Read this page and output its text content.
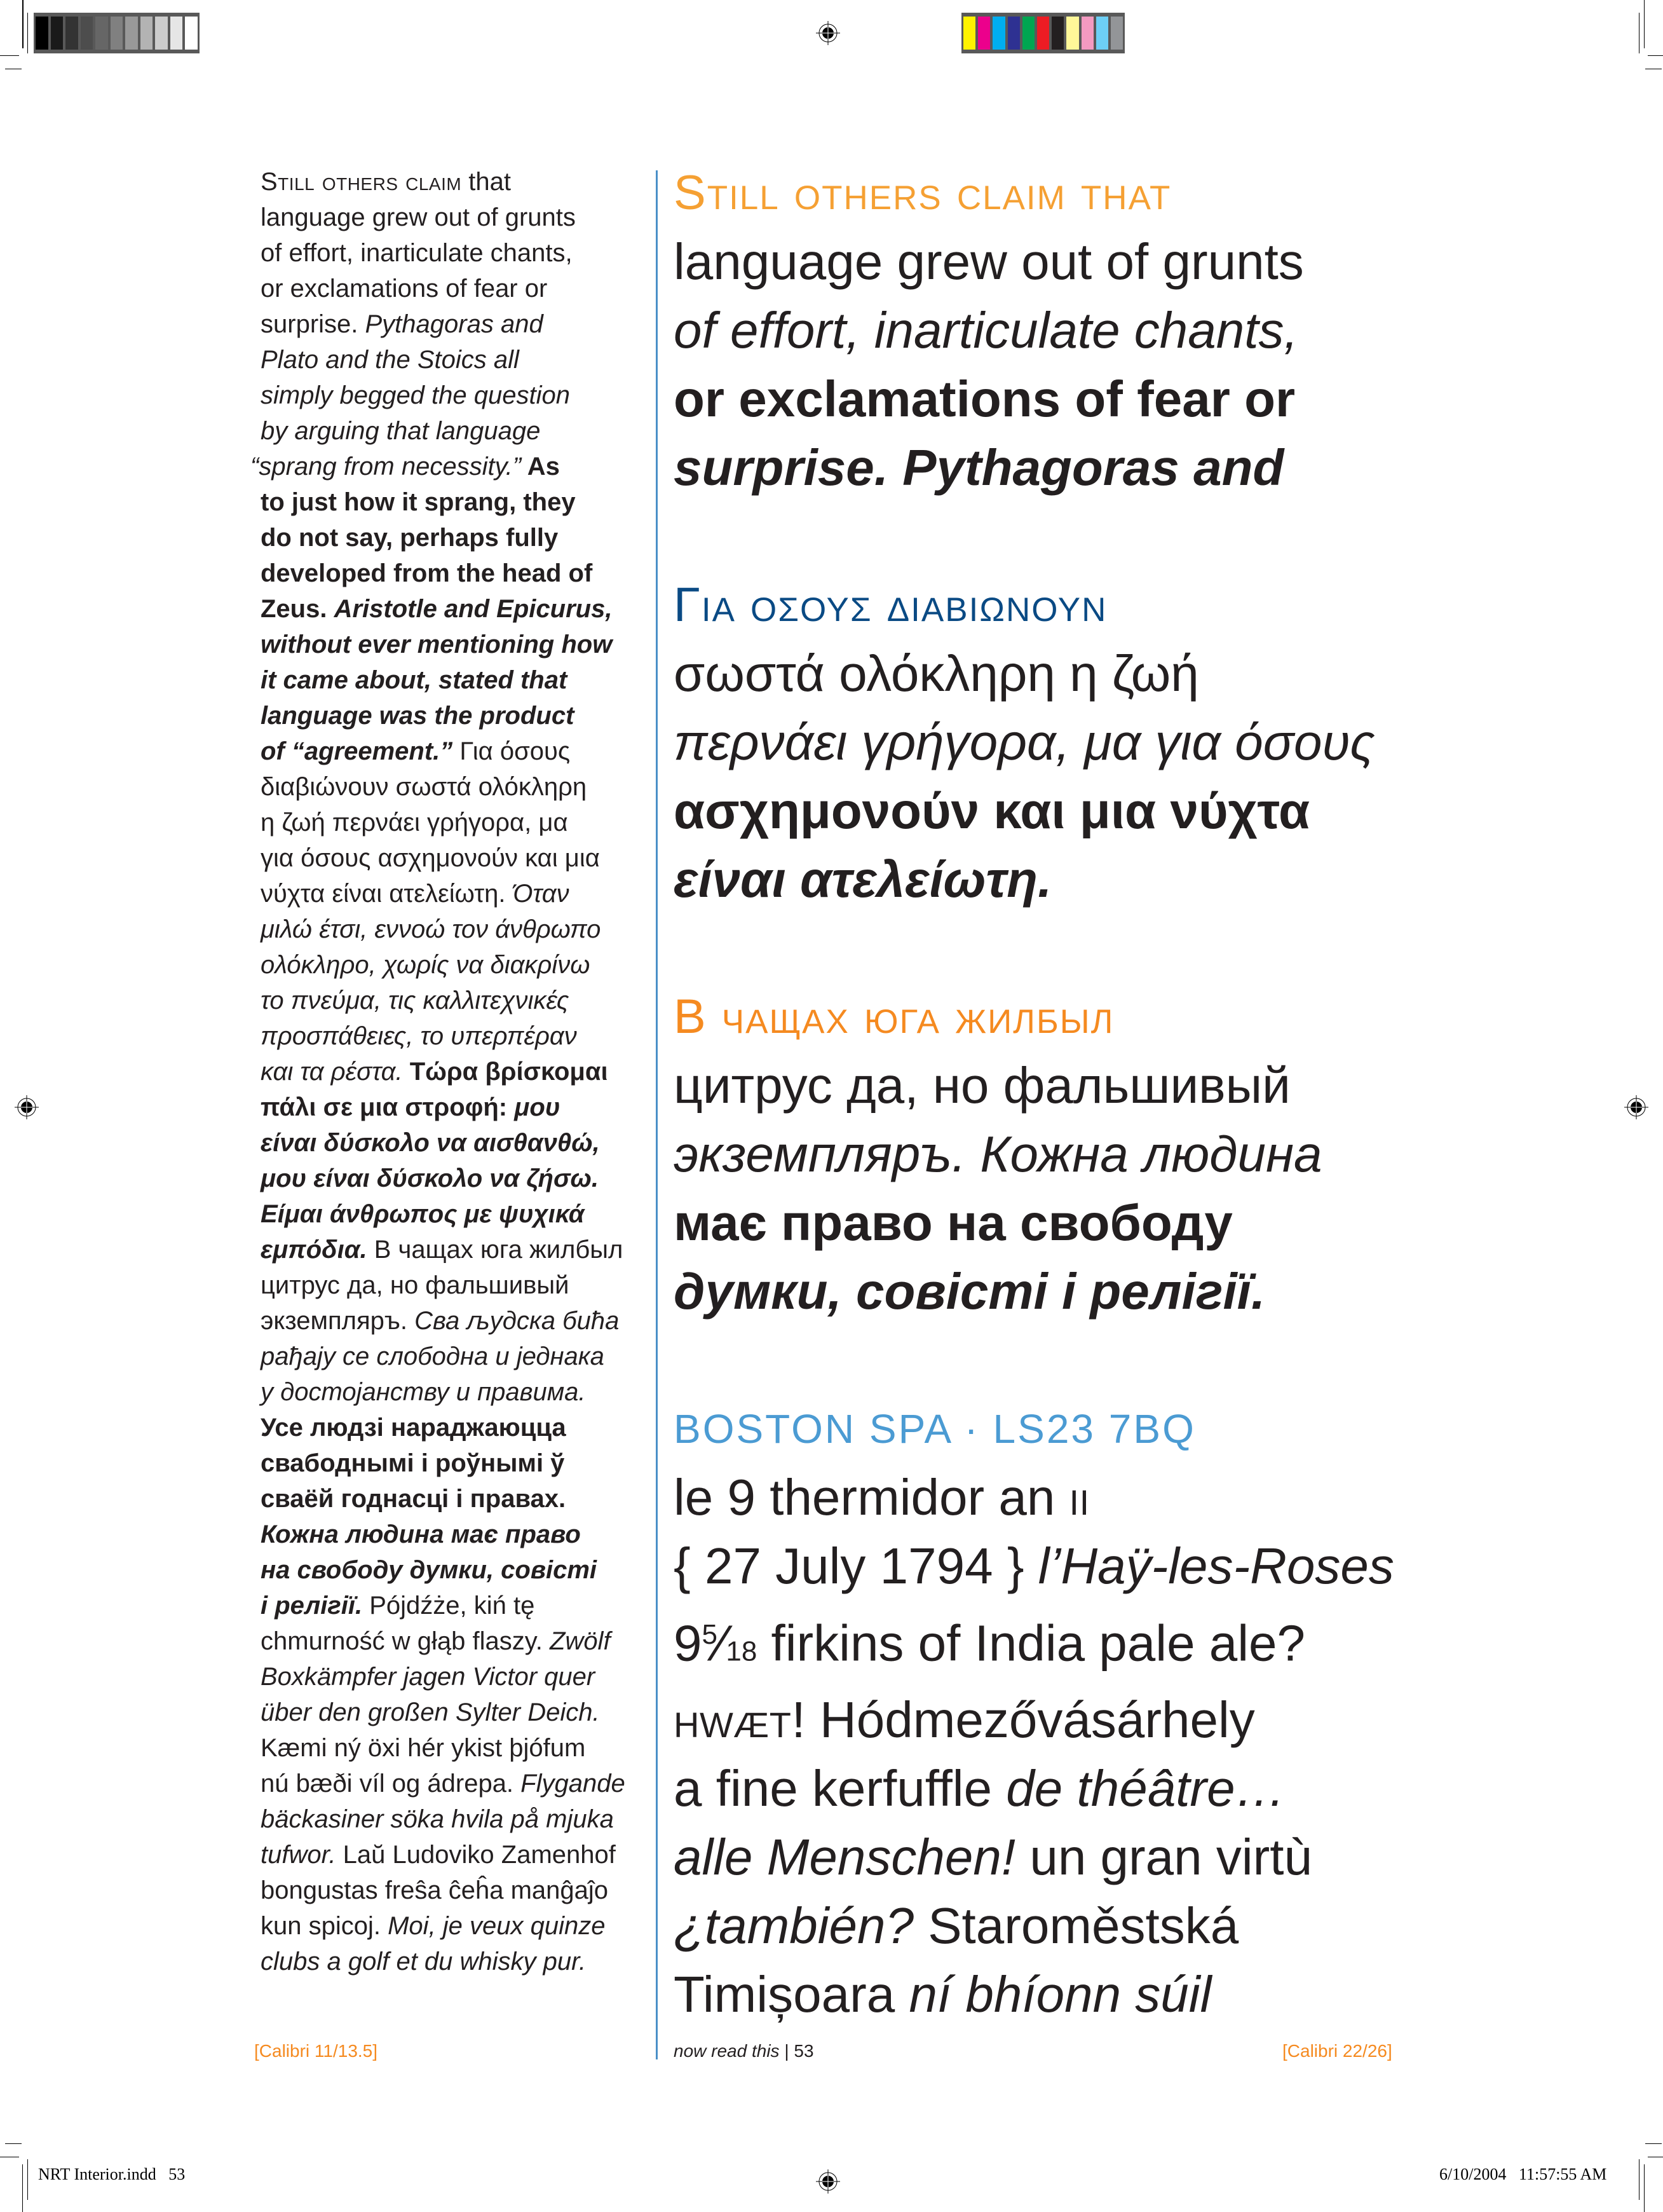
Still others claim that
language grew out of grunts
of effort, inarticulate chants,
or exclamations of fear or
surprise. Pythagoras and
Plato and the Stoics all
simply begged the question
by arguing that language
“sprang from necessity.” As
to just how it sprang, they
do not say, perhaps fully
developed from the head of
Zeus. Aristotle and Epicurus,
without ever mentioning how
it came about, stated that
language was the product
of “agreement.” Για όσους
διαβιώνουν σωστά ολόκληρη
η ζωή περνάει γρήγορα, μα
για όσους ασχημονούν και μια
νύχτα είναι ατελείωτη. Όταν
μιλώ έτσι, εννοώ τον άνθρωπο
ολόκληρο, χωρίς να διακρίνω
το πνεύμα, τις καλλιτεχνικές
προσπάθειες, το υπερπέραν
και τα ρέστα. Τώρα βρίσκομαι
πάλι σε μια στροφή: μου
είναι δύσκολο να αισθανθώ,
μου είναι δύσκολο να ζήσω.
Είμαι άνθρωπος με ψυχικά
εμπόδια. В чащах юга жилбыл
цитрус да, но фальшивый
экземпляръ. Сва људска бића
рађају се слободна и једнака
у достојанству и правима.
Усе людзі нараджаюцца
свабоднымі і роўнымі ў
сваёй годнасці і правах.
Кожна людина має право
на свободу думки, совісті
і релігії. Pójdźże, kiń tę
chmurność w głąb flaszy. Zwölf
Boxkämpfer jagen Victor quer
über den großen Sylter Deich.
Kæmi ný öxi hér ykist þjófum
nú bæði víl og ádrepa. Flygande
bäckasiner söka hvila på mjuka
tufwor. Laŭ Ludoviko Zamenhof
bongustas freŝa ĉeĥa manĝaĵo
kun spicoj. Moi, je veux quinze
clubs a golf et du whisky pur.
Still others claim that
language grew out of grunts
of effort, inarticulate chants,
or exclamations of fear or
surprise. Pythagoras and
Για οσους διαβιωνουν
σωστά ολόκληρη η ζωή
περνάει γρήγορα, μα για όσους
ασχημονούν και μια νύχτα
είναι ατελείωτη.
В чащах юга жилбыл
цитрус да, но фальшивый
экземпляръ. Кожна людина
має право на свободу
думки, совісті і релігії.
BOSTON SPA · LS23 7BQ
le 9 thermidor an ii
{ 27 July 1794 } l’Haÿ-les-Roses
$9^5⁄18$ firkins of India pale ale?
hwæt! Hódmezővásárhely
a fine kerfuffle de théâtre…
alle Menschen! un gran virtù
¿también? Staroměstská
Timișoara ní bhíonn súil
[Calibri 11/13.5]	now read this | 53	[Calibri 22/26]
NRT Interior.indd   53	6/10/2004   11:57:55 AM
